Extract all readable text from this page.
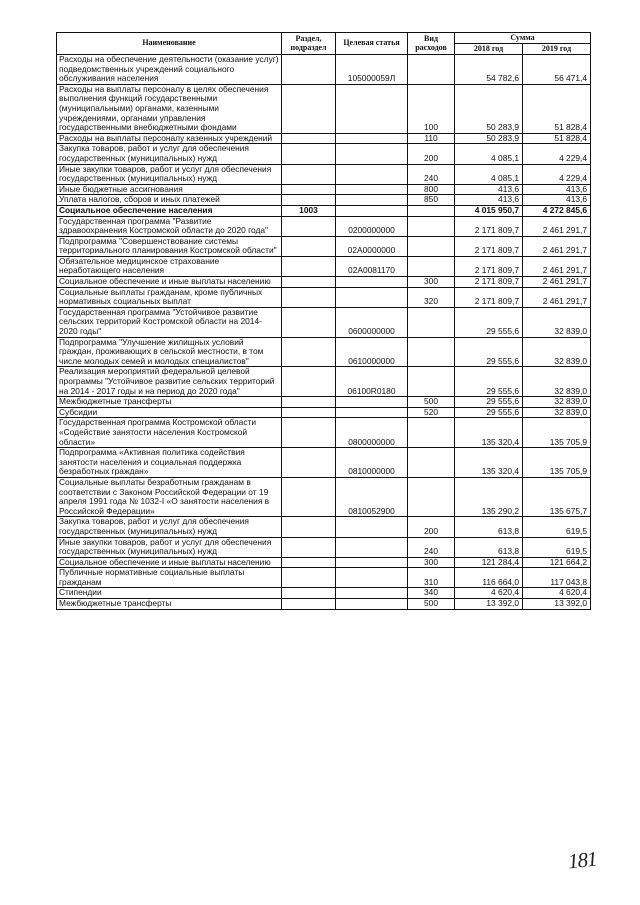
Наименование	Раздел, подраздел	Целевая статья	Вид расходов	Сумма	
				2018 год	2019 год
Расходы на обеспечение деятельности (оказание услуг) подведомственных учреждений социального обслуживания населения		105000059Л		54 782,6	56 471,4
Расходы на выплаты персоналу в целях обеспечения выполнения функций государственными (муниципальными) органами, казенными учреждениями, органами управления государственными внебюджетными фондами			100	50 283,9	51 828,4
Расходы на выплаты персоналу казенных учреждений			110	50 283,9	51 828,4
Закупка товаров, работ и услуг для обеспечения государственных (муниципальных) нужд			200	4 085,1	4 229,4
Иные закупки товаров, работ и услуг для обеспечения государственных (муниципальных) нужд			240	4 085,1	4 229,4
Иные бюджетные ассигнования			800	413,6	413,6
Уплата налогов, сборов и иных платежей			850	413,6	413,6
Социальное обеспечение населения	1003			4 015 950,7	4 272 845,6
Государственная программа "Развитие здравоохранения Костромской области до 2020 года"		0200000000		2 171 809,7	2 461 291,7
Подпрограмма "Совершенствование системы территориального планирования Костромской области"		02А0000000		2 171 809,7	2 461 291,7
Обязательное медицинское страхование неработающего населения		02А0081170		2 171 809,7	2 461 291,7
Социальное обеспечение и иные выплаты населению			300	2 171 809,7	2 461 291,7
Социальные выплаты гражданам, кроме публичных нормативных социальных выплат			320	2 171 809,7	2 461 291,7
Государственная программа "Устойчивое развитие сельских территорий Костромской области на 2014-2020 годы"		0600000000		29 555,6	32 839,0
Подпрограмма "Улучшение жилищных условий граждан, проживающих в сельской местности, в том числе молодых семей и молодых специалистов"		0610000000		29 555,6	32 839,0
Реализация мероприятий федеральной целевой программы "Устойчивое развитие сельских территорий на 2014 - 2017 годы и на период до 2020 года"		06100R0180		29 555,6	32 839,0
Межбюджетные трансферты			500	29 555,6	32 839,0
Субсидии			520	29 555,6	32 839,0
Государственная программа Костромской области «Содействие занятости населения Костромской области»		0800000000		135 320,4	135 705,9
Подпрограмма «Активная политика содействия занятости населения и социальная поддержка безработных граждан»		0810000000		135 320,4	135 705,9
Социальные выплаты безработным гражданам в соответствии с Законом Российской Федерации от 19 апреля 1991 года № 1032-I «О занятости населения в Российской Федерации»		0810052900		135 290,2	135 675,7
Закупка товаров, работ и услуг для обеспечения государственных (муниципальных) нужд			200	613,8	619,5
Иные закупки товаров, работ и услуг для обеспечения государственных (муниципальных) нужд			240	613,8	619,5
Социальное обеспечение и иные выплаты населению			300	121 284,4	121 664,2
Публичные нормативные социальные выплаты гражданам			310	116 664,0	117 043,8
Стипендии			340	4 620,4	4 620,4
Межбюджетные трансферты			500	13 392,0	13 392,0
181
